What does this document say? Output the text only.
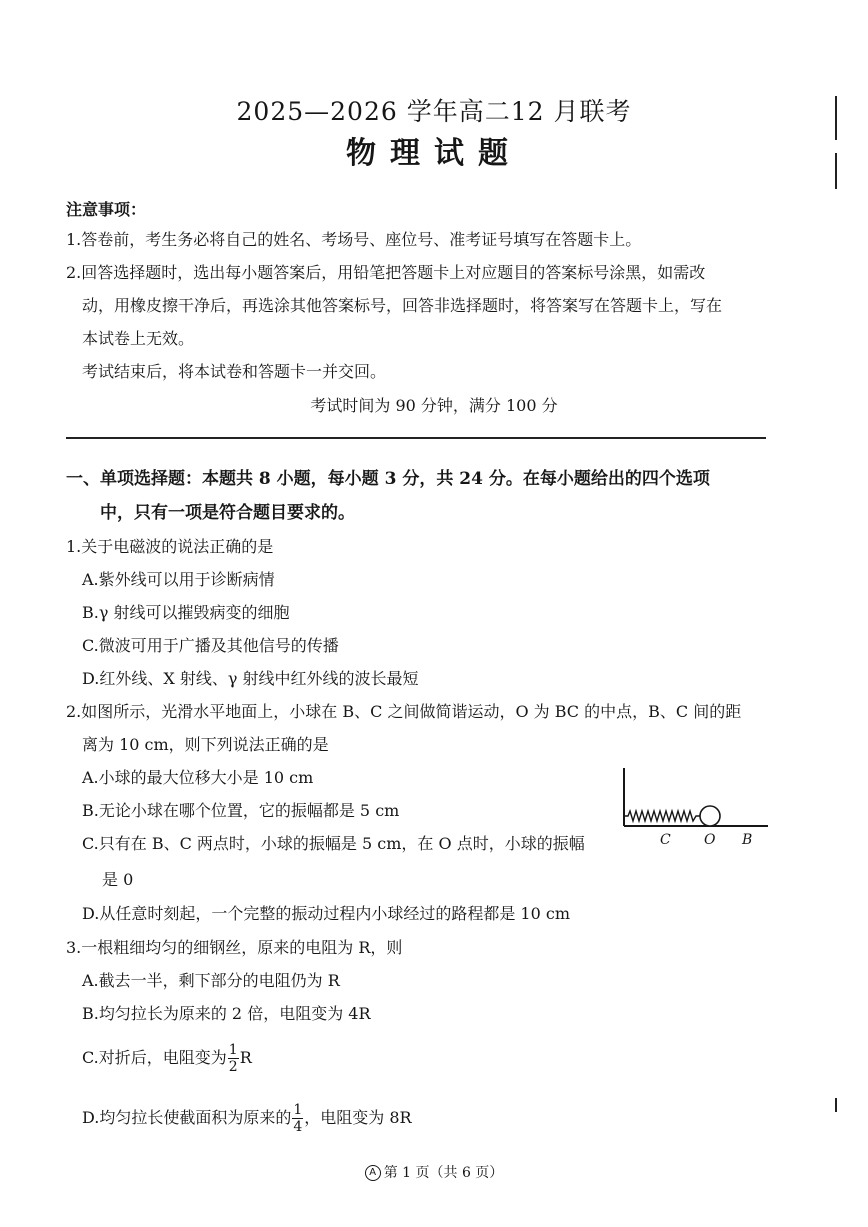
2025—2026 学年高二12 月联考
物理试题
注意事项：
1.答卷前，考生务必将自己的姓名、考场号、座位号、准考证号填写在答题卡上。
2.回答选择题时，选出每小题答案后，用铅笔把答题卡上对应题目的答案标号涂黑，如需改
动，用橡皮擦干净后，再选涂其他答案标号，回答非选择题时，将答案写在答题卡上，写在
本试卷上无效。
考试结束后，将本试卷和答题卡一并交回。
考试时间为 90 分钟，满分 100 分
一、单项选择题：本题共 8 小题，每小题 3 分，共 24 分。在每小题给出的四个选项
中，只有一项是符合题目要求的。
1.关于电磁波的说法正确的是
A.紫外线可以用于诊断病情
B.γ 射线可以摧毁病变的细胞
C.微波可用于广播及其他信号的传播
D.红外线、X 射线、γ 射线中红外线的波长最短
2.如图所示，光滑水平地面上，小球在 B、C 之间做简谐运动，O 为 BC 的中点，B、C 间的距
离为 10 cm，则下列说法正确的是
A.小球的最大位移大小是 10 cm
B.无论小球在哪个位置，它的振幅都是 5 cm
C.只有在 B、C 两点时，小球的振幅是 5 cm，在 O 点时，小球的振幅
是 0
D.从任意时刻起，一个完整的振动过程内小球经过的路程都是 10 cm
C O B
3.一根粗细均匀的细钢丝，原来的电阻为 R，则
A.截去一半，剩下部分的电阻仍为 R
B.均匀拉长为原来的 2 倍，电阻变为 4R
C.对折后，电阻变为 $\frac{1}{2}$ R
D.均匀拉长使截面积为原来的 $\frac{1}{4}$ ，电阻变为 8R
A 第 1 页（共 6 页）
